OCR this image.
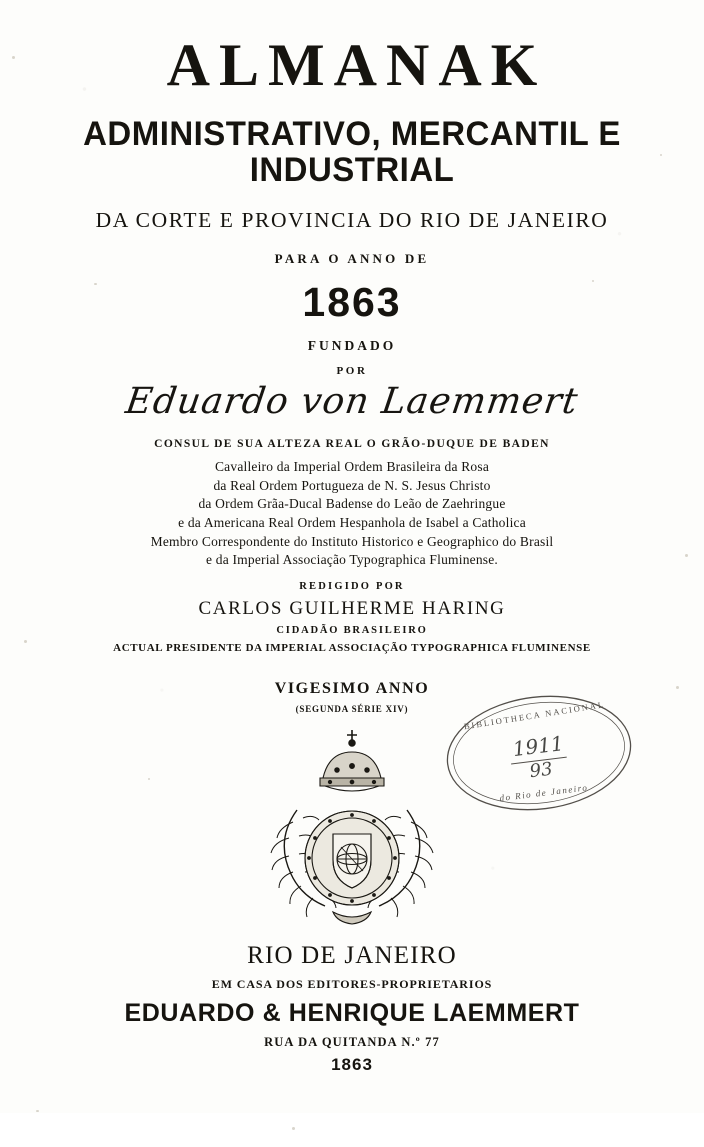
ALMANAK
ADMINISTRATIVO, MERCANTIL E INDUSTRIAL
DA CORTE E PROVINCIA DO RIO DE JANEIRO
PARA O ANNO DE
1863
FUNDADO
POR
Eduardo von Laemmert
CONSUL DE SUA ALTEZA REAL O GRÃO-DUQUE DE BADEN
Cavalleiro da Imperial Ordem Brasileira da Rosa
da Real Ordem Portugueza de N. S. Jesus Christo
da Ordem Grãa-Ducal Badense do Leão de Zaehringue
e da Americana Real Ordem Hespanhola de Isabel a Catholica
Membro Correspondente do Instituto Historico e Geographico do Brasil
e da Imperial Associação Typographica Fluminense.
REDIGIDO POR
CARLOS GUILHERME HARING
CIDADÃO BRASILEIRO
ACTUAL PRESIDENTE DA IMPERIAL ASSOCIAÇÃO TYPOGRAPHICA FLUMINENSE
VIGESIMO ANNO
(SEGUNDA SÉRIE XIV)	BIBLIOTHECA NACIONAL
1911
93
do Rio de Janeiro
RIO DE JANEIRO
EM CASA DOS EDITORES-PROPRIETARIOS
EDUARDO & HENRIQUE LAEMMERT
RUA DA QUITANDA N.º 77
1863
